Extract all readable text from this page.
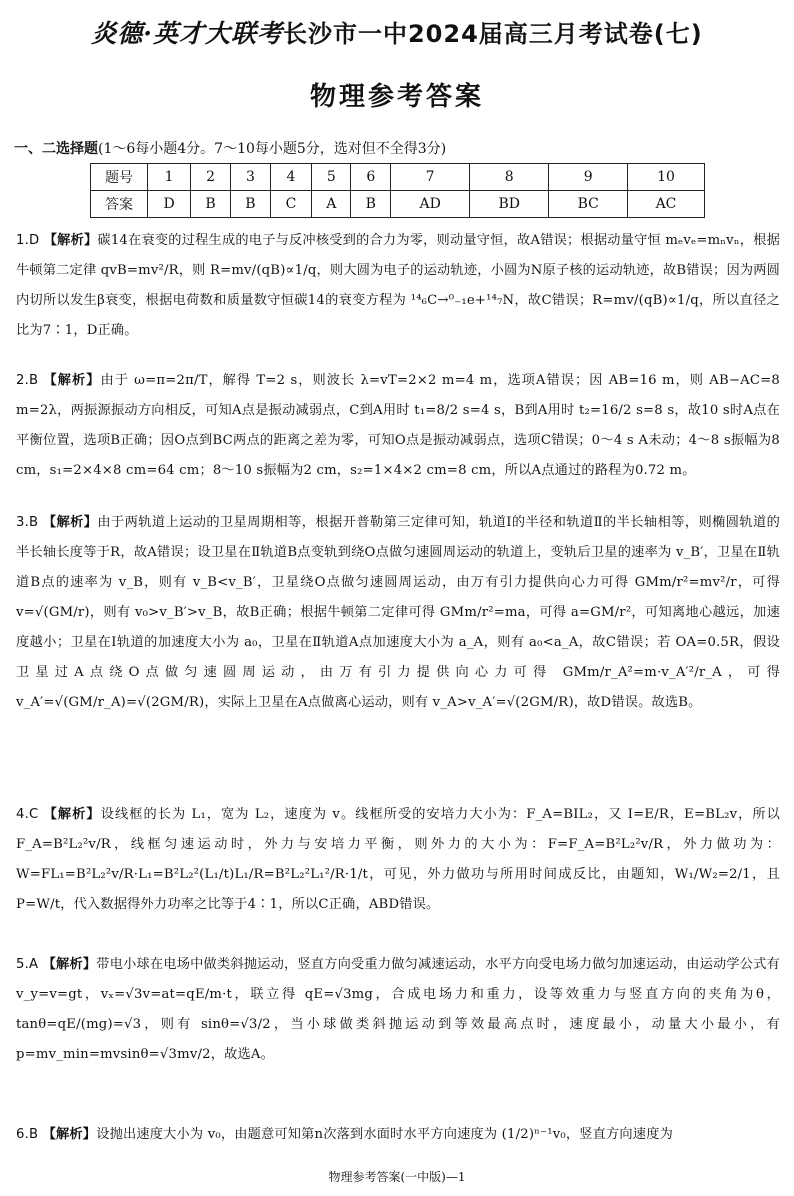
炎德·英才大联考长沙市一中2024届高三月考试卷(七)
物理参考答案
一、二选择题(1～6每小题4分。7～10每小题5分，选对但不全得3分)
题号	1	2	3	4	5	6	7	8	9	10
答案	D	B	B	C	A	B	AD	BD	BC	AC
1.D 【解析】碳14在衰变的过程生成的电子与反冲核受到的合力为零，则动量守恒，故A错误；根据动量守恒 mₑvₑ=mₙvₙ，根据牛顿第二定律 qvB=mv²/R，则 R=mv/(qB)∝1/q，则大圆为电子的运动轨迹，小圆为N原子核的运动轨迹，故B错误；因为两圆内切所以发生β衰变，根据电荷数和质量数守恒碳14的衰变方程为 ¹⁴₆C→⁰₋₁e+¹⁴₇N，故C错误；R=mv/(qB)∝1/q，所以直径之比为7∶1，D正确。
2.B 【解析】由于 ω=π=2π/T，解得 T=2 s，则波长 λ=vT=2×2 m=4 m，选项A错误；因 AB=16 m，则 AB−AC=8 m=2λ，两振源振动方向相反，可知A点是振动减弱点，C到A用时 t₁=8/2 s=4 s，B到A用时 t₂=16/2 s=8 s，故10 s时A点在平衡位置，选项B正确；因O点到BC两点的距离之差为零，可知O点是振动减弱点，选项C错误；0～4 s A未动；4～8 s振幅为8 cm，s₁=2×4×8 cm=64 cm；8～10 s振幅为2 cm，s₂=1×4×2 cm=8 cm，所以A点通过的路程为0.72 m。
3.B 【解析】由于两轨道上运动的卫星周期相等，根据开普勒第三定律可知，轨道Ⅰ的半径和轨道Ⅱ的半长轴相等，则椭圆轨道的半长轴长度等于R，故A错误；设卫星在Ⅱ轨道B点变轨到绕O点做匀速圆周运动的轨道上，变轨后卫星的速率为 v_B′，卫星在Ⅱ轨道B点的速率为 v_B，则有 v_B<v_B′，卫星绕O点做匀速圆周运动，由万有引力提供向心力可得 GMm/r²=mv²/r，可得 v=√(GM/r)，则有 v₀>v_B′>v_B，故B正确；根据牛顿第二定律可得 GMm/r²=ma，可得 a=GM/r²，可知离地心越远，加速度越小；卫星在Ⅰ轨道的加速度大小为 a₀，卫星在Ⅱ轨道A点加速度大小为 a_A，则有 a₀<a_A，故C错误；若 OA=0.5R，假设卫星过A点绕O点做匀速圆周运动，由万有引力提供向心力可得 GMm/r_A²=m·v_A′²/r_A，可得 v_A′=√(GM/r_A)=√(2GM/R)，实际上卫星在A点做离心运动，则有 v_A>v_A′=√(2GM/R)，故D错误。故选B。
4.C 【解析】设线框的长为 L₁，宽为 L₂，速度为 v。线框所受的安培力大小为：F_A=BIL₂，又 I=E/R，E=BL₂v，所以 F_A=B²L₂²v/R，线框匀速运动时，外力与安培力平衡，则外力的大小为：F=F_A=B²L₂²v/R，外力做功为：W=FL₁=B²L₂²v/R·L₁=B²L₂²(L₁/t)L₁/R=B²L₂²L₁²/R·1/t，可见，外力做功与所用时间成反比，由题知，W₁/W₂=2/1，且 P=W/t，代入数据得外力功率之比等于4∶1，所以C正确，ABD错误。
5.A 【解析】带电小球在电场中做类斜抛运动，竖直方向受重力做匀减速运动，水平方向受电场力做匀加速运动，由运动学公式有 v_y=v=gt，vₓ=√3v=at=qE/m·t，联立得 qE=√3mg，合成电场力和重力，设等效重力与竖直方向的夹角为θ，tanθ=qE/(mg)=√3，则有 sinθ=√3/2，当小球做类斜抛运动到等效最高点时，速度最小，动量大小最小，有 p=mv_min=mvsinθ=√3mv/2，故选A。
6.B 【解析】设抛出速度大小为 v₀，由题意可知第n次落到水面时水平方向速度为 (1/2)ⁿ⁻¹v₀，竖直方向速度为
物理参考答案(一中版)—1
